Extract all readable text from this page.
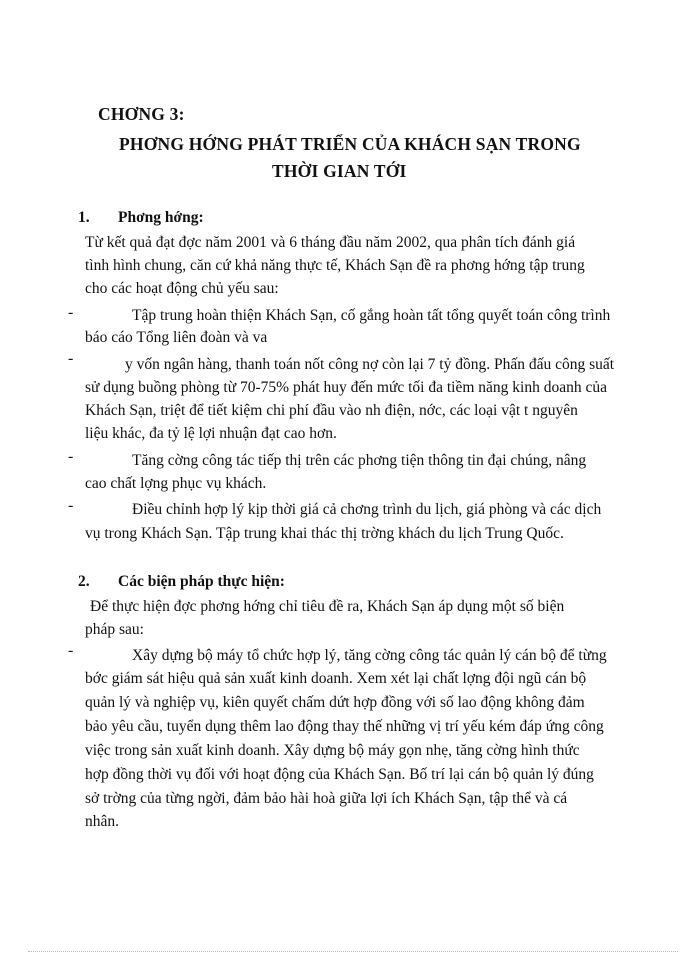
CHƠNG 3:
PHƠNG HỚNG PHÁT TRIỂN CỦA KHÁCH SẠN TRONG
THỜI GIAN TỚI
1. Phơng hớng:
Từ kết quả đạt đợc năm 2001 và 6 tháng đầu năm 2002, qua phân tích đánh giá
tình hình chung, căn cứ khả năng thực tế, Khách Sạn đề ra phơng hớng tập trung
cho các hoạt động chủ yếu sau:
-	Tập trung hoàn thiện Khách Sạn, cố gắng hoàn tất tổng quyết toán công trình
báo cáo Tổng liên đoàn và va
-	y vốn ngân hàng, thanh toán nốt công nợ còn lại 7 tỷ đồng. Phấn đấu công suất
sử dụng buồng phòng từ 70-75% phát huy đến mức tối đa tiềm năng kinh doanh của
Khách Sạn, triệt để tiết kiệm chi phí đầu vào nh điện, nớc, các loại vật t nguyên
liệu khác, đa tỷ lệ lợi nhuận đạt cao hơn.
-	Tăng cờng công tác tiếp thị trên các phơng tiện thông tin đại chúng, nâng
cao chất lợng phục vụ khách.
-	Điều chỉnh hợp lý kịp thời giá cả chơng trình du lịch, giá phòng và các dịch
vụ trong Khách Sạn. Tập trung khai thác thị trờng khách du lịch Trung Quốc.
2. Các biện pháp thực hiện:
Để thực hiện đợc phơng hớng chỉ tiêu đề ra, Khách Sạn áp dụng một số biện
pháp sau:
-	Xây dựng bộ máy tổ chức hợp lý, tăng cờng công tác quản lý cán bộ để từng
bớc giám sát hiệu quả sản xuất kinh doanh. Xem xét lại chất lợng đội ngũ cán bộ
quản lý và nghiệp vụ, kiên quyết chấm dứt hợp đồng với số lao động không đảm
bảo yêu cầu, tuyển dụng thêm lao động thay thế những vị trí yếu kém đáp ứng công
việc trong sản xuất kinh doanh. Xây dựng bộ máy gọn nhẹ, tăng cờng hình thức
hợp đồng thời vụ đối với hoạt động của Khách Sạn. Bố trí lại cán bộ quản lý đúng
sở trờng của từng ngời, đảm bảo hài hoà giữa lợi ích Khách Sạn, tập thể và cá
nhân.
